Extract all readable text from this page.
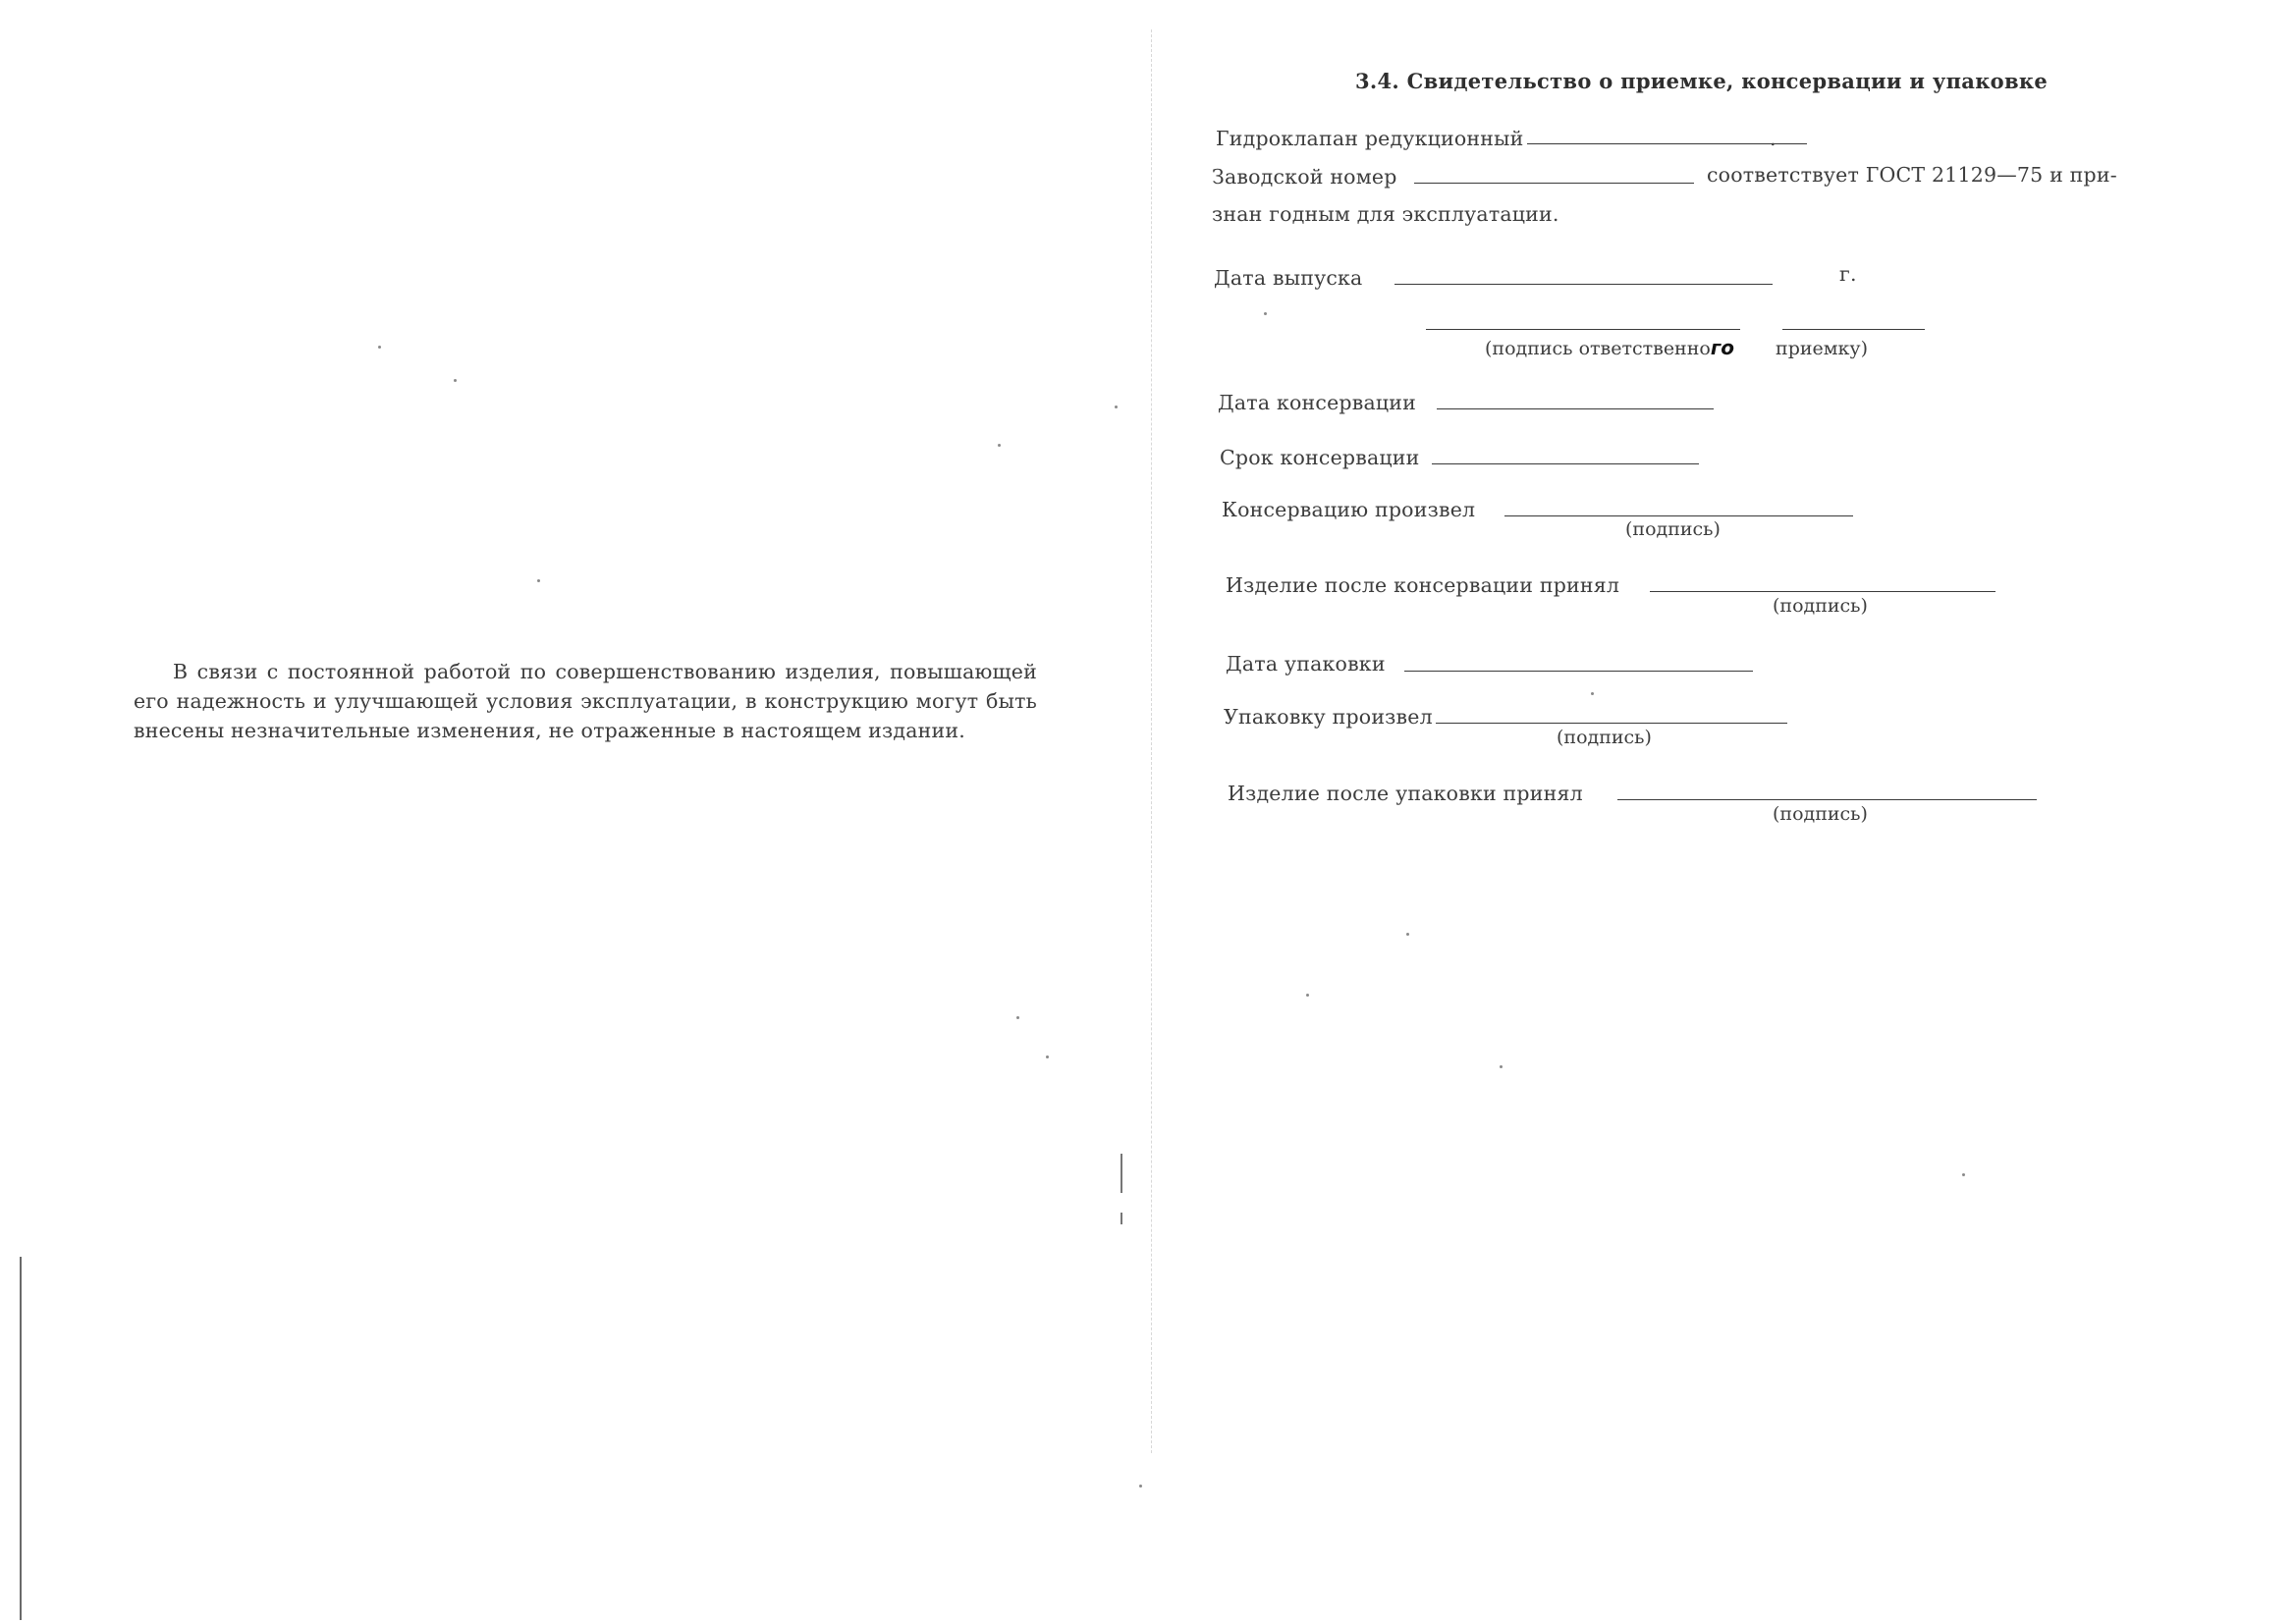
В связи с постоянной работой по совершенствованию изделия, повышающей его надежность и улучшающей условия эксплуатации, в конструкцию могут быть внесены незначительные изменения, не отраженные в настоящем издании.

3.4. Свидетельство о приемке, консервации и упаковке
Гидроклапан редукционный	.
Заводской номер	соответствует ГОСТ 21129—75 и при-
знан годным для эксплуатации.
Дата выпуска	г.
(подпись ответственного приемку)
Дата консервации
Срок консервации
Консервацию произвел
(подпись)
Изделие после консервации принял
(подпись)
Дата упаковки
Упаковку произвел
(подпись)
Изделие после упаковки принял
(подпись)
